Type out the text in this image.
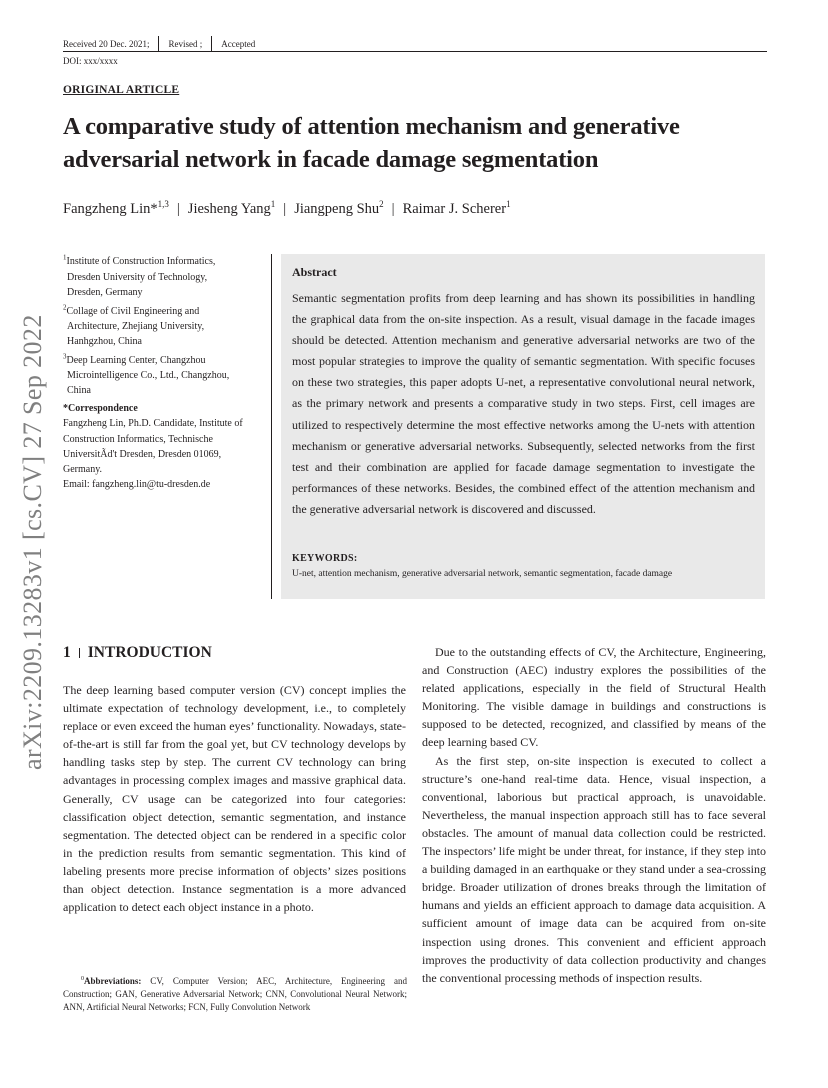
Received 20 Dec. 2021; Revised ; Accepted
DOI: xxx/xxxx
ORIGINAL ARTICLE
A comparative study of attention mechanism and generative
adversarial network in facade damage segmentation
Fangzheng Lin*$^{1,3}$ | Jiesheng Yang$^1$ | Jiangpeng Shu$^2$ | Raimar J. Scherer$^1$
arXiv:2209.13283v1 [cs.CV] 27 Sep 2022
$^1$Institute of Construction Informatics,
Dresden University of Technology,
Dresden, Germany
$^2$Collage of Civil Engineering and
Architecture, Zhejiang University,
Hanhgzhou, China
$^3$Deep Learning Center, Changzhou
Microintelligence Co., Ltd., Changzhou,
China
*Correspondence
Fangzheng Lin, Ph.D. Candidate, Institute of
Construction Informatics, Technische
UniversitÃd't Dresden, Dresden 01069,
Germany.
Email: fangzheng.lin@tu-dresden.de
Abstract
Semantic segmentation profits from deep learning and has shown its possibilities in handling the graphical data from the on-site inspection. As a result, visual damage in the facade images should be detected. Attention mechanism and generative adversarial networks are two of the most popular strategies to improve the quality of semantic segmentation. With specific focuses on these two strategies, this paper adopts U-net, a representative convolutional neural network, as the primary network and presents a comparative study in two steps. First, cell images are utilized to respectively determine the most effective networks among the U-nets with attention mechanism or generative adversarial networks. Subsequently, selected networks from the first test and their combination are applied for facade damage segmentation to investigate the performances of these networks. Besides, the combined effect of the attention mechanism and the generative adversarial network is discovered and discussed.
KEYWORDS:
U-net, attention mechanism, generative adversarial network, semantic segmentation, facade damage
1 INTRODUCTION

The deep learning based computer version (CV) concept implies the ultimate expectation of technology development, i.e., to completely replace or even exceed the human eyes’ functionality. Nowadays, state-of-the-art is still far from the goal yet, but CV technology develops by handling tasks step by step. The current CV technology can bring advantages in processing complex images and massive graphical data. Generally, CV usage can be categorized into four categories: classification object detection, semantic segmentation, and instance segmentation. The detected object can be rendered in a specific color in the prediction results from semantic segmentation. This kind of labeling presents more precise information of objects’ sizes positions than object detection. Instance segmentation is a more advanced application to detect each object instance in a photo.

Due to the outstanding effects of CV, the Architecture, Engineering, and Construction (AEC) industry explores the possibilities of the related applications, especially in the field of Structural Health Monitoring. The visible damage in buildings and constructions is supposed to be detected, recognized, and classified by means of the deep learning based CV.

As the first step, on-site inspection is executed to collect a structure’s one-hand real-time data. Hence, visual inspection, a conventional, laborious but practical approach, is unavoidable. Nevertheless, the manual inspection approach still has to face several obstacles. The amount of manual data collection could be restricted. The inspectors’ life might be under threat, for instance, if they step into a building damaged in an earthquake or they stand under a sea-crossing bridge. Broader utilization of drones breaks through the limitation of humans and yields an efficient approach to damage data acquisition. A sufficient amount of image data can be acquired from on-site inspection using drones. This convenient and efficient approach improves the productivity of data collection productivity and changes the conventional processing methods of inspection results.

$^0$Abbreviations: CV, Computer Version; AEC, Architecture, Engineering and Construction; GAN, Generative Adversarial Network; CNN, Convolutional Neural Network; ANN, Artificial Neural Networks; FCN, Fully Convolution Network
